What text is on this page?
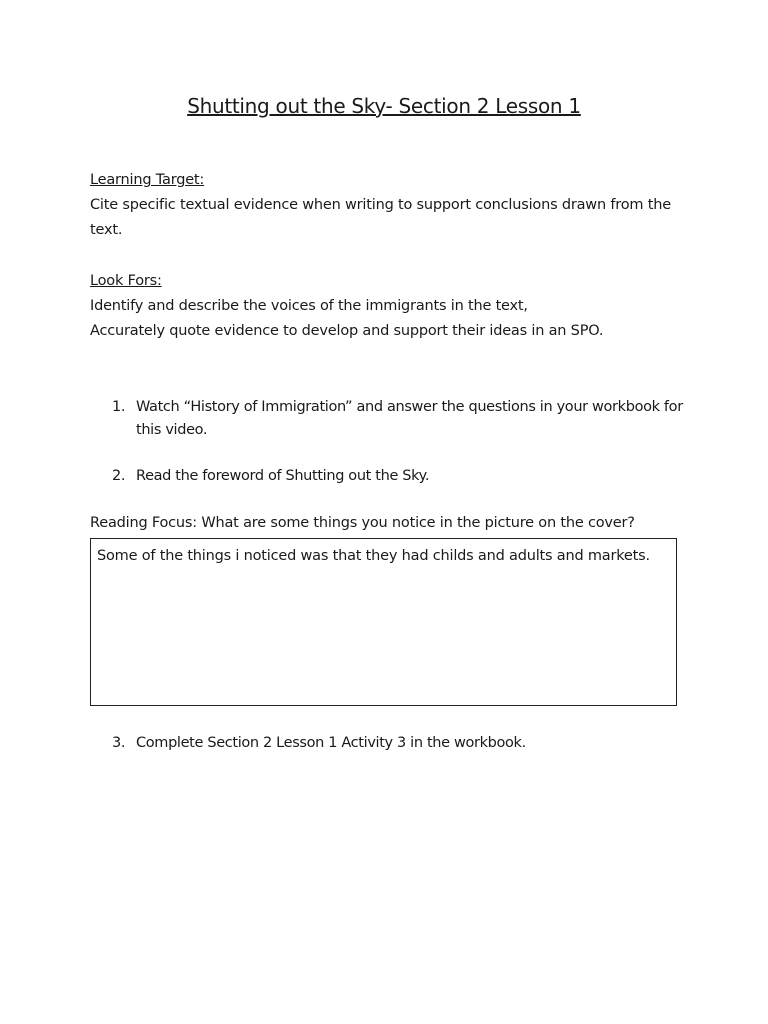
Shutting out the Sky- Section 2 Lesson 1
Learning Target:
Cite specific textual evidence when writing to support conclusions drawn from the
text.
Look Fors:
Identify and describe the voices of the immigrants in the text,
Accurately quote evidence to develop and support their ideas in an SPO.
1. Watch “History of Immigration” and answer the questions in your workbook for this video.
2. Read the foreword of Shutting out the Sky.
Reading Focus: What are some things you notice in the picture on the cover?
Some of the things i noticed was that they had childs and adults and markets.
3. Complete Section 2 Lesson 1 Activity 3 in the workbook.
